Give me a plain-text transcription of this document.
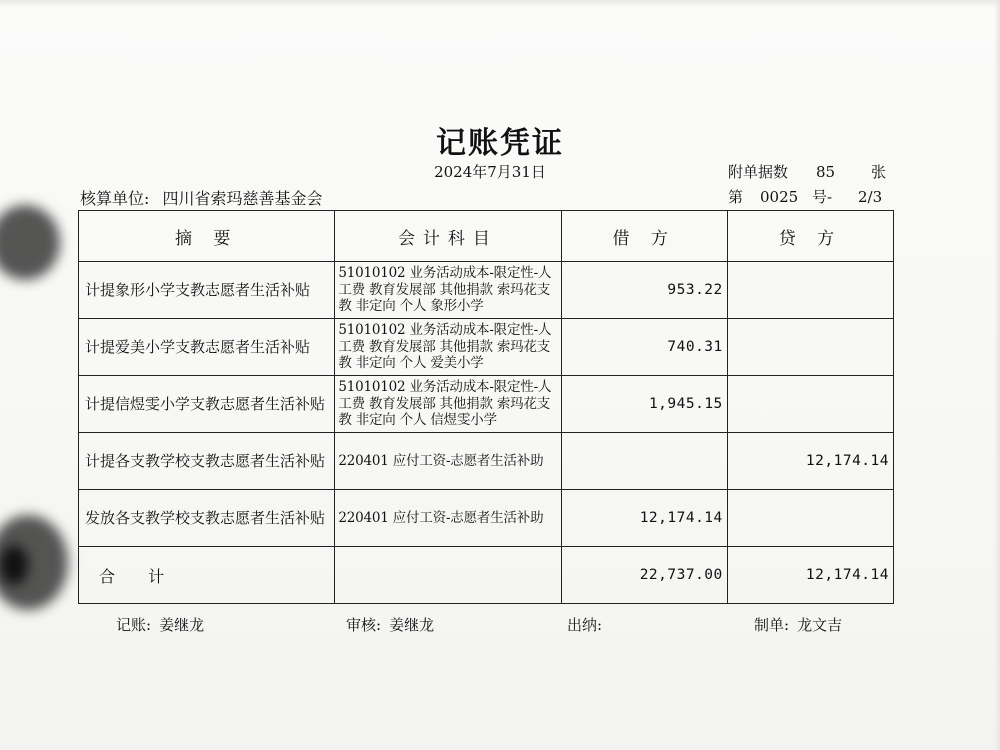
记账凭证
2024年7月31日	附单据数 85 张
核算单位: 四川省索玛慈善基金会	第 0025 号- 2/3
摘 要	会计科目	借 方	贷 方
计提象形小学支教志愿者生活补贴	51010102 业务活动成本-限定性-人工费 教育发展部 其他捐款 索玛花支教 非定向 个人 象形小学	953.22	
计提爱美小学支教志愿者生活补贴	51010102 业务活动成本-限定性-人工费 教育发展部 其他捐款 索玛花支教 非定向 个人 爱美小学	740.31	
计提信煜雯小学支教志愿者生活补贴	51010102 业务活动成本-限定性-人工费 教育发展部 其他捐款 索玛花支教 非定向 个人 信煜雯小学	1,945.15	
计提各支教学校支教志愿者生活补贴	220401 应付工资-志愿者生活补助		12,174.14
发放各支教学校支教志愿者生活补贴	220401 应付工资-志愿者生活补助	12,174.14	
合 计		22,737.00	12,174.14
记账: 姜继龙	审核: 姜继龙	出纳:	制单: 龙文吉
